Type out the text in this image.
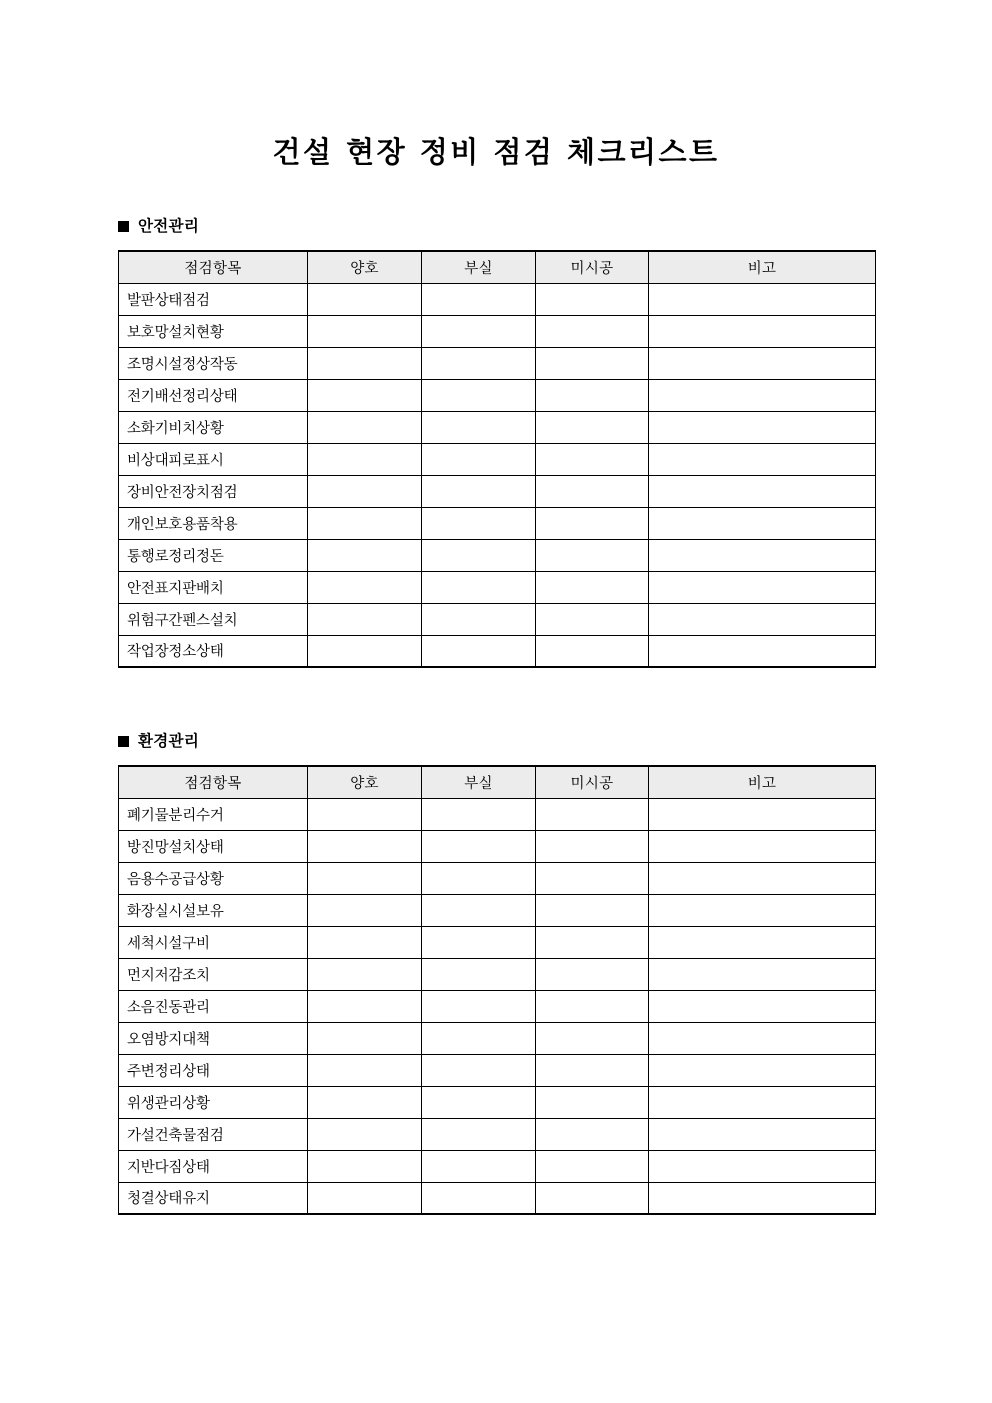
건설 현장 정비 점검 체크리스트
안전관리
점검항목	양호	부실	미시공	비고
발판상태점검				
보호망설치현황				
조명시설정상작동				
전기배선정리상태				
소화기비치상황				
비상대피로표시				
장비안전장치점검				
개인보호용품착용				
통행로정리정돈				
안전표지판배치				
위험구간펜스설치				
작업장정소상태				
환경관리
점검항목	양호	부실	미시공	비고
폐기물분리수거				
방진망설치상태				
음용수공급상황				
화장실시설보유				
세척시설구비				
먼지저감조치				
소음진동관리				
오염방지대책				
주변정리상태				
위생관리상황				
가설건축물점검				
지반다짐상태				
청결상태유지				
